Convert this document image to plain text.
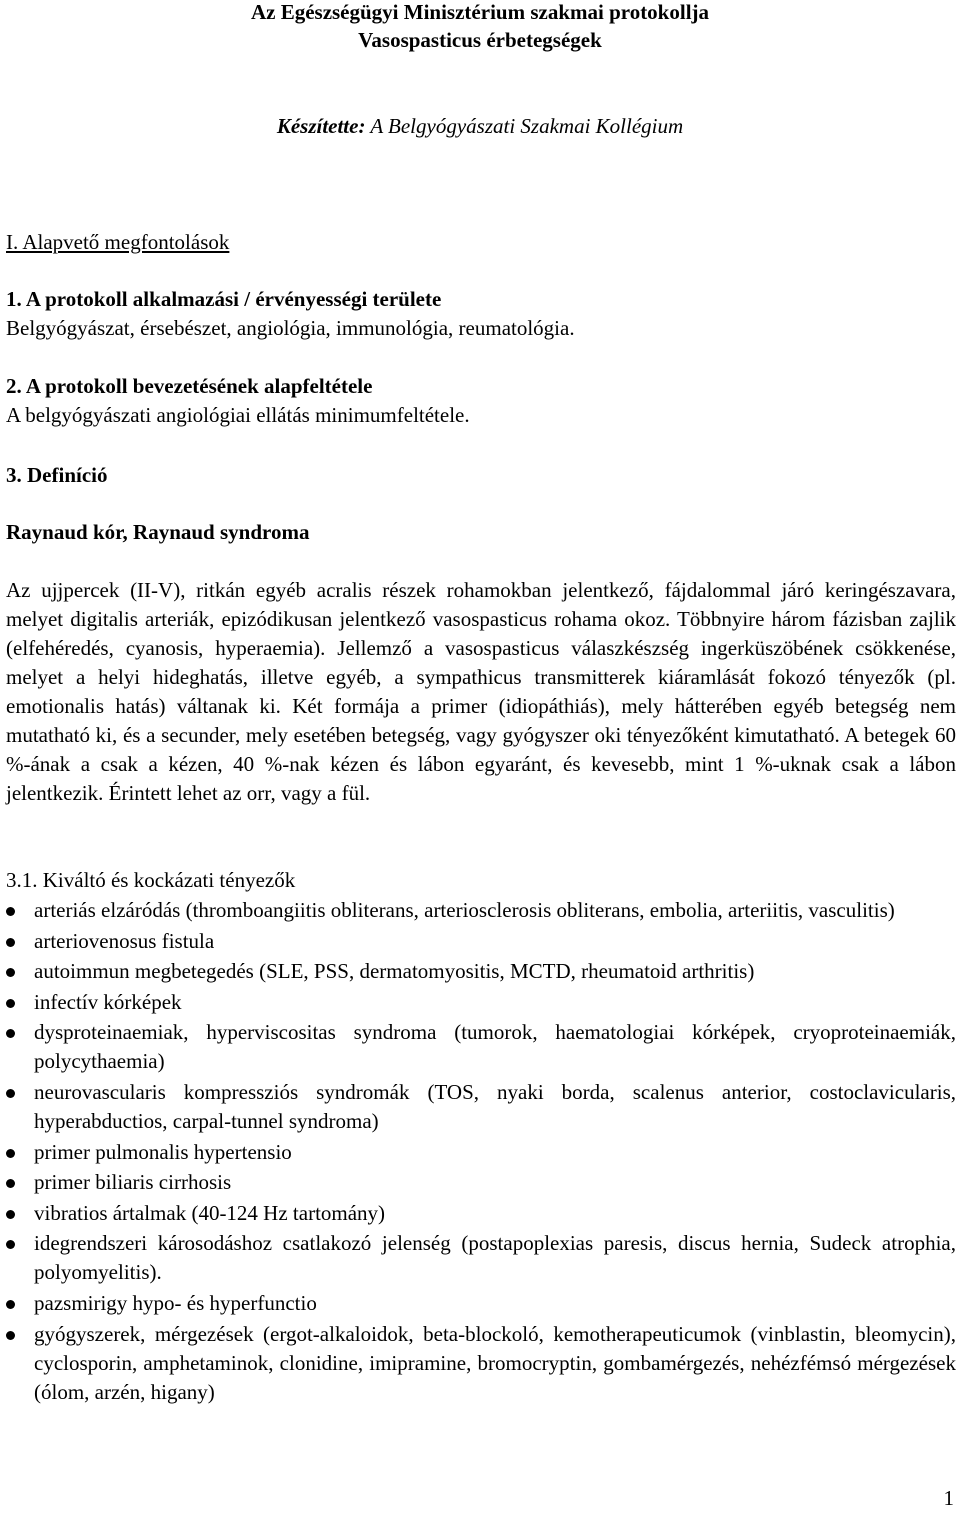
Az Egészségügyi Minisztérium szakmai protokollja
Vasospasticus érbetegségek
Készítette: A Belgyógyászati Szakmai Kollégium
I. Alapvető megfontolások
1. A protokoll alkalmazási / érvényességi területe
Belgyógyászat, érsebészet, angiológia, immunológia, reumatológia.
2. A protokoll bevezetésének alapfeltétele
A belgyógyászati angiológiai ellátás minimumfeltétele.
3. Definíció
Raynaud kór, Raynaud syndroma
Az ujjpercek (II-V), ritkán egyéb acralis részek rohamokban jelentkező, fájdalommal járó keringészavara, melyet digitalis arteriák, epizódikusan jelentkező vasospasticus rohama okoz. Többnyire három fázisban zajlik (elfehéredés, cyanosis, hyperaemia). Jellemző a vasospasticus válaszkészség ingerküszöbének csökkenése, melyet a helyi hideghatás, illetve egyéb, a sympathicus transmitterek kiáramlását fokozó tényezők (pl. emotionalis hatás) váltanak ki. Két formája a primer (idiopáthiás), mely hátterében egyéb betegség nem mutatható ki, és a secunder, mely esetében betegség, vagy gyógyszer oki tényezőként kimutatható. A betegek 60 %-ának a csak a kézen, 40 %-nak kézen és lábon egyaránt, és kevesebb, mint 1 %-uknak csak a lábon jelentkezik. Érintett lehet az orr, vagy a fül.
3.1. Kiváltó és kockázati tényezők
arteriás elzáródás (thromboangiitis obliterans, arteriosclerosis obliterans, embolia, arteriitis, vasculitis)
arteriovenosus fistula
autoimmun megbetegedés (SLE, PSS, dermatomyositis, MCTD, rheumatoid arthritis)
infectív kórképek
dysproteinaemiak, hyperviscositas syndroma (tumorok, haematologiai kórképek, cryoproteinaemiák, polycythaemia)
neurovascularis kompressziós syndromák (TOS, nyaki borda, scalenus anterior, costoclavicularis, hyperabductios, carpal-tunnel syndroma)
primer pulmonalis hypertensio
primer biliaris cirrhosis
vibratios ártalmak (40-124 Hz tartomány)
idegrendszeri károsodáshoz csatlakozó jelenség (postapoplexias paresis, discus hernia, Sudeck atrophia, polyomyelitis).
pazsmirigy hypo- és hyperfunctio
gyógyszerek, mérgezések (ergot-alkaloidok, beta-blockoló, kemotherapeuticumok (vinblastin, bleomycin), cyclosporin, amphetaminok, clonidine, imipramine, bromocryptin, gombamérgezés, nehézfémsó mérgezések (ólom, arzén, higany)
1
